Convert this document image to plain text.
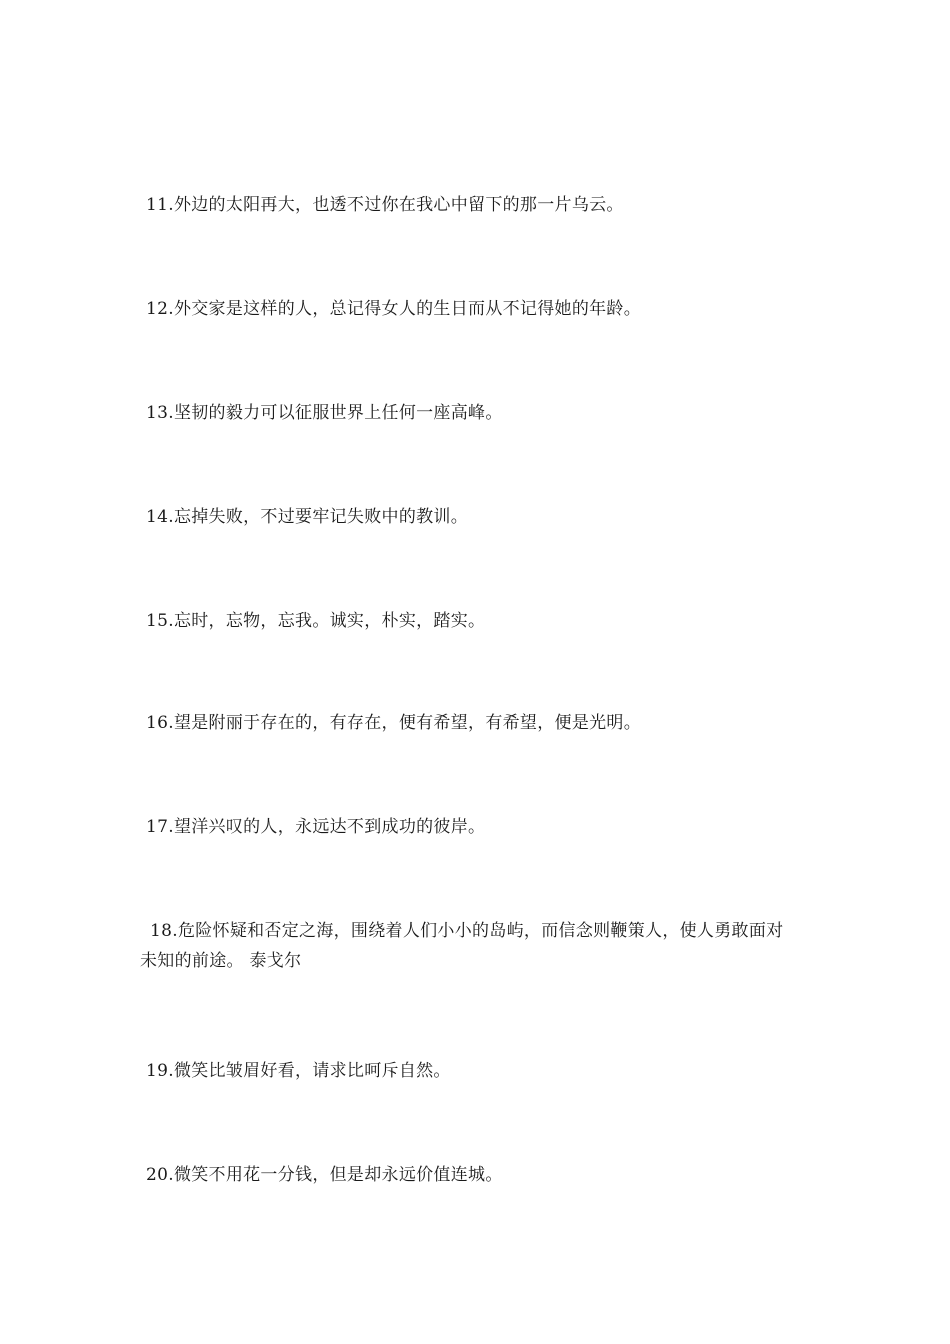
11.外边的太阳再大，也透不过你在我心中留下的那一片乌云。

12.外交家是这样的人，总记得女人的生日而从不记得她的年龄。

13.坚韧的毅力可以征服世界上任何一座高峰。

14.忘掉失败，不过要牢记失败中的教训。

15.忘时，忘物，忘我。诚实，朴实，踏实。

16.望是附丽于存在的，有存在，便有希望，有希望，便是光明。

17.望洋兴叹的人，永远达不到成功的彼岸。

18.危险怀疑和否定之海，围绕着人们小小的岛屿，而信念则鞭策人，使人勇敢面对未知的前途。 泰戈尔

19.微笑比皱眉好看，请求比呵斥自然。

20.微笑不用花一分钱，但是却永远价值连城。
